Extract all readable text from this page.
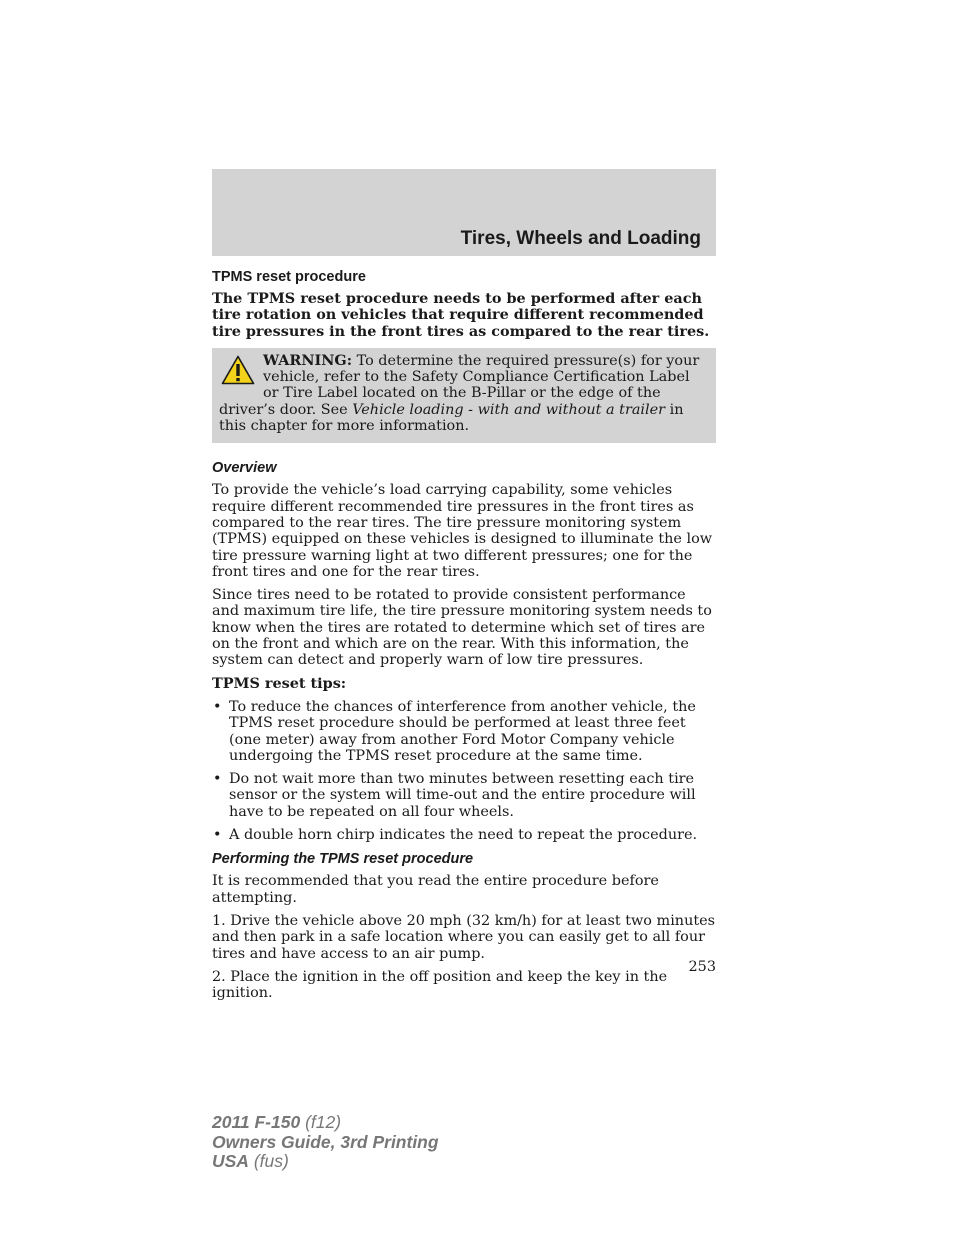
Tires, Wheels and Loading
TPMS reset procedure

The TPMS reset procedure needs to be performed after each tire rotation on vehicles that require different recommended tire pressures in the front tires as compared to the rear tires.

WARNING: To determine the required pressure(s) for your vehicle, refer to the Safety Compliance Certification Label or Tire Label located on the B-Pillar or the edge of the driver’s door. See Vehicle loading - with and without a trailer in this chapter for more information.

Overview

To provide the vehicle’s load carrying capability, some vehicles require different recommended tire pressures in the front tires as compared to the rear tires. The tire pressure monitoring system (TPMS) equipped on these vehicles is designed to illuminate the low tire pressure warning light at two different pressures; one for the front tires and one for the rear tires.

Since tires need to be rotated to provide consistent performance and maximum tire life, the tire pressure monitoring system needs to know when the tires are rotated to determine which set of tires are on the front and which are on the rear. With this information, the system can detect and properly warn of low tire pressures.

TPMS reset tips:

• To reduce the chances of interference from another vehicle, the TPMS reset procedure should be performed at least three feet (one meter) away from another Ford Motor Company vehicle undergoing the TPMS reset procedure at the same time.
• Do not wait more than two minutes between resetting each tire sensor or the system will time-out and the entire procedure will have to be repeated on all four wheels.
• A double horn chirp indicates the need to repeat the procedure.
Performing the TPMS reset procedure

It is recommended that you read the entire procedure before attempting.

1. Drive the vehicle above 20 mph (32 km/h) for at least two minutes and then park in a safe location where you can easily get to all four tires and have access to an air pump.

2. Place the ignition in the off position and keep the key in the ignition.

253
2011 F-150 (f12)
Owners Guide, 3rd Printing
USA (fus)
